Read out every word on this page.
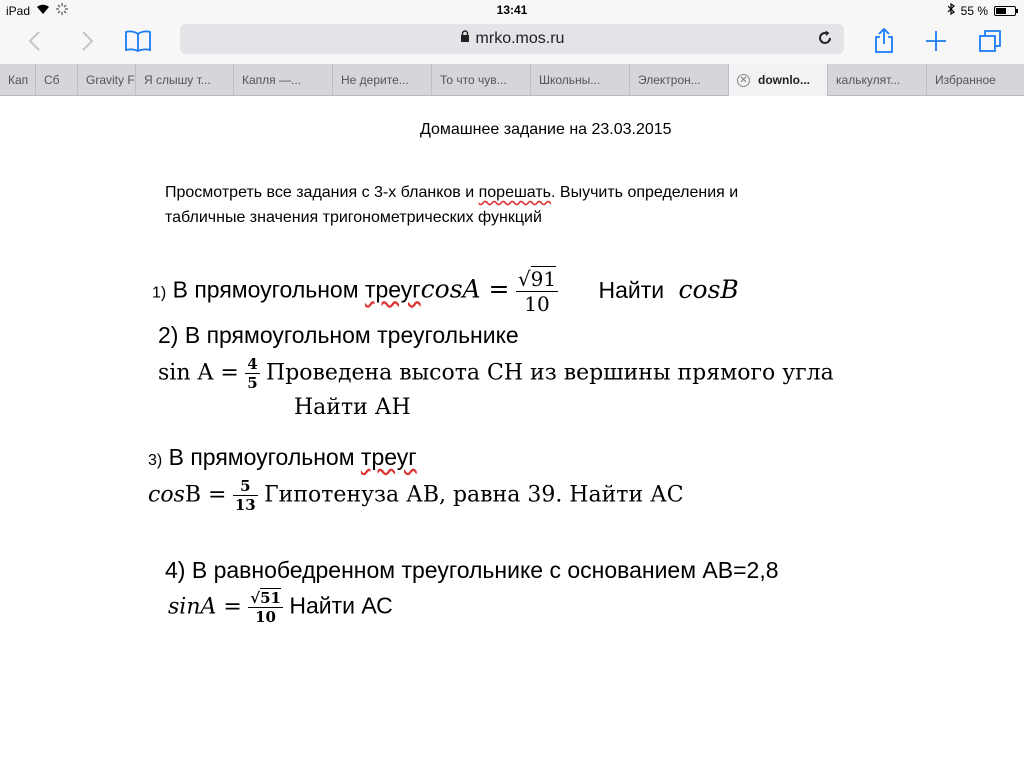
iPad	13:41	55 %
mrko.mos.ru
Кап Сб Gravity F Я слышу т...	Капля —...	Не дерите...	То что чув...	Школьны...	Электрон...	✕ downlo... калькулят...	Избранное
Домашнее задание на 23.03.2015
Просмотреть все задания с 3-х бланков и порешать. Выучить определения и
табличные значения тригонометрических функций
1) В прямоугольном треугcosA = $\frac{√91}{10}$ Найти cosB
2) В прямоугольном треугольнике
$\sin A = \frac{4}{5}$ Проведена высота СН из вершины прямого угла
Найти АН
3) В прямоугольном треуг
$\cos B = \frac{5}{13}$ Гипотенуза АВ, равна 39. Найти АС
4) В равнобедренном треугольнике с основанием АВ=2,8
$\sin A = \frac{√51}{10}$ Найти АС
